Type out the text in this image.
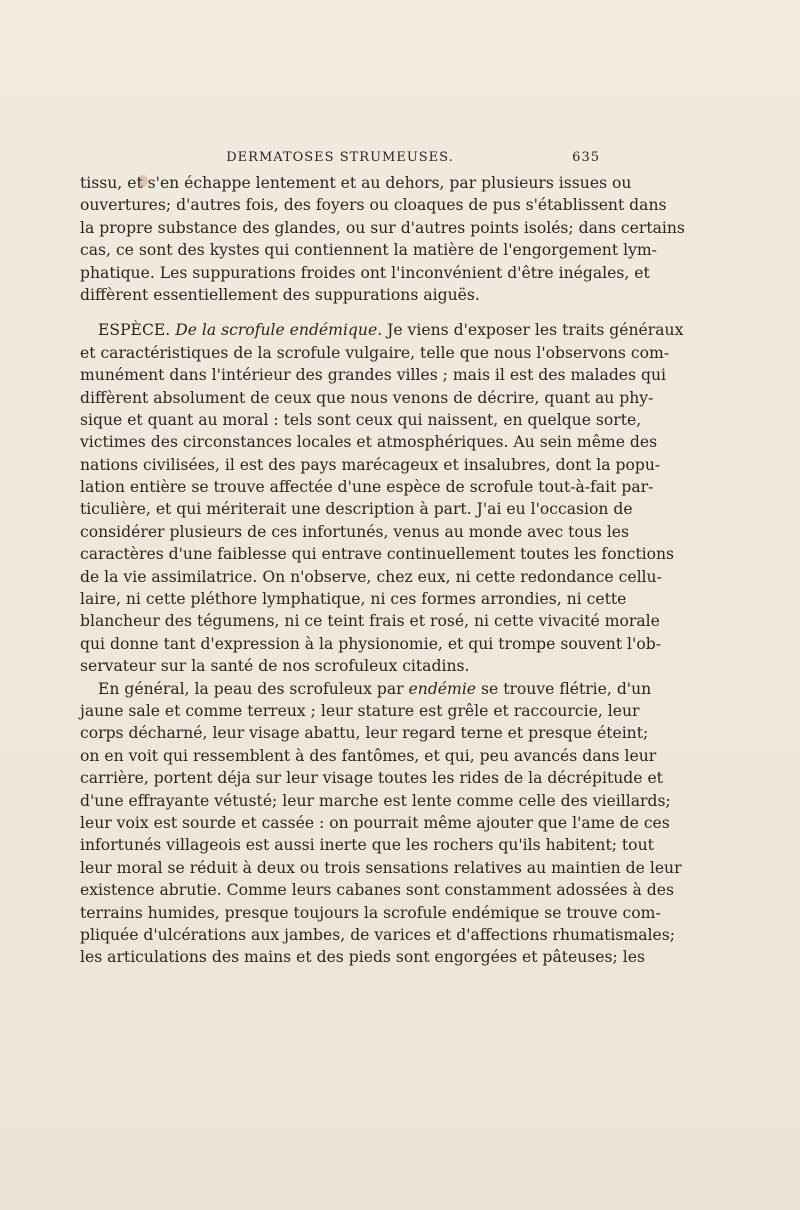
DERMATOSES STRUMEUSES.	635
tissu, et s'en échappe lentement et au dehors, par plusieurs issues ou
ouvertures; d'autres fois, des foyers ou cloaques de pus s'établissent dans
la propre substance des glandes, ou sur d'autres points isolés; dans certains
cas, ce sont des kystes qui contiennent la matière de l'engorgement lym-
phatique. Les suppurations froides ont l'inconvénient d'être inégales, et
diffèrent essentiellement des suppurations aiguës.
ESPÈCE. De la scrofule endémique. Je viens d'exposer les traits généraux
et caractéristiques de la scrofule vulgaire, telle que nous l'observons com-
munément dans l'intérieur des grandes villes ; mais il est des malades qui
diffèrent absolument de ceux que nous venons de décrire, quant au phy-
sique et quant au moral : tels sont ceux qui naissent, en quelque sorte,
victimes des circonstances locales et atmosphériques. Au sein même des
nations civilisées, il est des pays marécageux et insalubres, dont la popu-
lation entière se trouve affectée d'une espèce de scrofule tout-à-fait par-
ticulière, et qui mériterait une description à part. J'ai eu l'occasion de
considérer plusieurs de ces infortunés, venus au monde avec tous les
caractères d'une faiblesse qui entrave continuellement toutes les fonctions
de la vie assimilatrice. On n'observe, chez eux, ni cette redondance cellu-
laire, ni cette pléthore lymphatique, ni ces formes arrondies, ni cette
blancheur des tégumens, ni ce teint frais et rosé, ni cette vivacité morale
qui donne tant d'expression à la physionomie, et qui trompe souvent l'ob-
servateur sur la santé de nos scrofuleux citadins.
En général, la peau des scrofuleux par endémie se trouve flétrie, d'un
jaune sale et comme terreux ; leur stature est grêle et raccourcie, leur
corps décharné, leur visage abattu, leur regard terne et presque éteint;
on en voit qui ressemblent à des fantômes, et qui, peu avancés dans leur
carrière, portent déja sur leur visage toutes les rides de la décrépitude et
d'une effrayante vétusté; leur marche est lente comme celle des vieillards;
leur voix est sourde et cassée : on pourrait même ajouter que l'ame de ces
infortunés villageois est aussi inerte que les rochers qu'ils habitent; tout
leur moral se réduit à deux ou trois sensations relatives au maintien de leur
existence abrutie. Comme leurs cabanes sont constamment adossées à des
terrains humides, presque toujours la scrofule endémique se trouve com-
pliquée d'ulcérations aux jambes, de varices et d'affections rhumatismales;
les articulations des mains et des pieds sont engorgées et pâteuses; les
